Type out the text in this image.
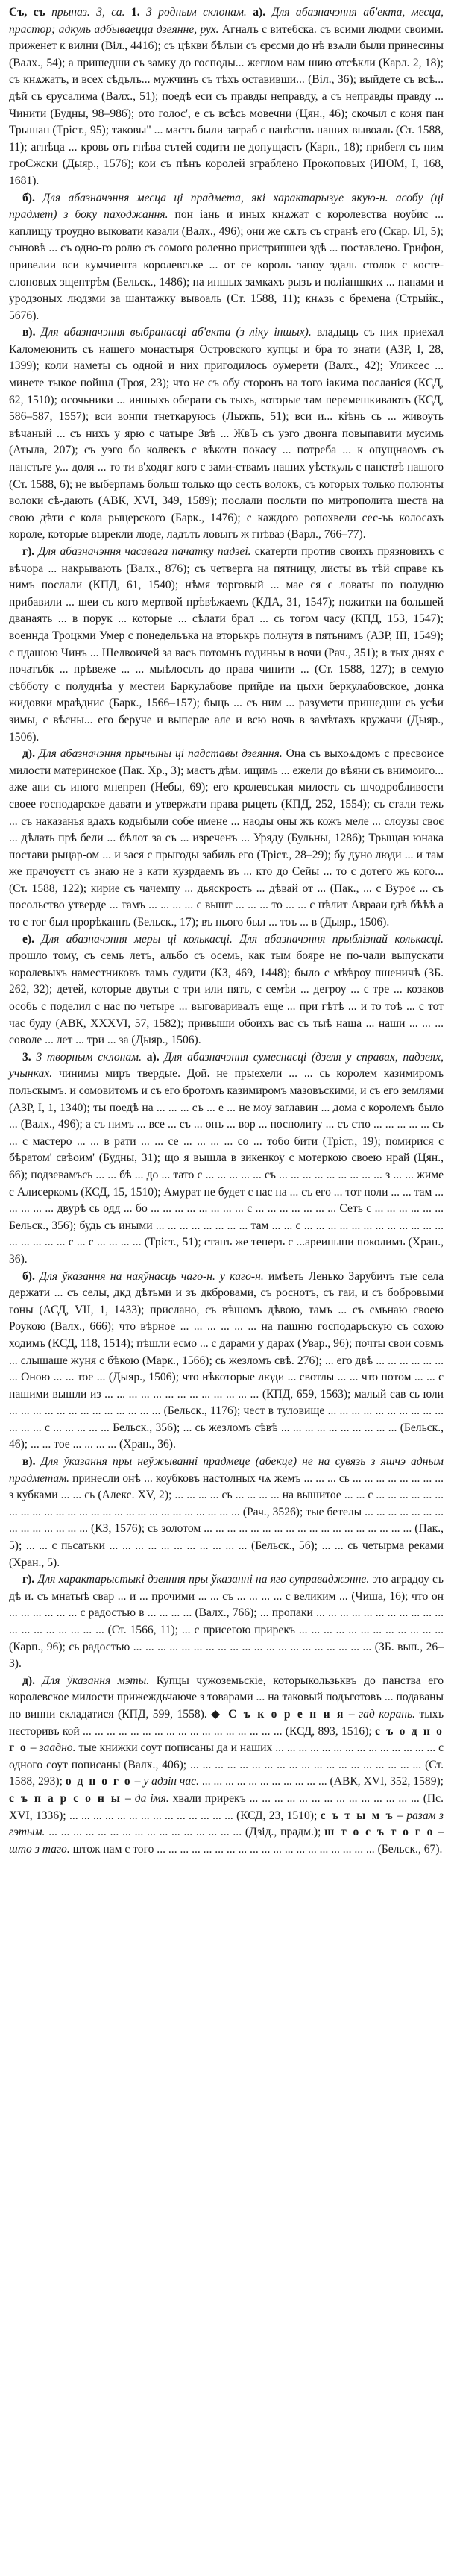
Съ, съ прыназ. 3, са. 1. З родным склонам. а). Для абазначэння аб'екта, месца, прастор; адкуль адбываецца дзеянне, рух. Агналъ с витебска. съ всими людми своими. приженет к вилни (Віл., 4416); съ цѣкви бѣлыи съ єрєсми до нѣ взѧли были принесины (Валх., 54); а пришедши съ замку до господы... жеглом нам шию отсѣкли (Карл. 2, 18); съ кнѧжатъ, и всех сѣдълъ... мужчинъ съ тѣхъ оставивши... (Віл., 36); выйдете съ всѣ... дѣй съ єрусалима (Валх., 51); поедѣ еси съ правды неправду, а съ неправды правду ... Чинити (Будны, 98–986); ото голос', е съ всѣсь мовечни (Цян., 46); скочыл с коня пан Трышан (Тріст., 95); таковы" ... мастъ были заграб с панѣствъ наших вывоаль (Ст. 1588, 11); агнѣца ... кровь отъ гнѣва сътей содити не допущасть (Карп., 18); прибегл съ ним гроСжски (Дыяр., 1576); кои съ пѣнъ королей зграблено Прокоповых (ИЮМ, I, 168, 1681).

б). Для абазначэння месца ці прадмета, які характарызуе якую-н. асобу (ці прадмет) з боку паходжання. пон іань и иных кнѧжат с королевства ноубис ... каплищу троудно выковати казали (Валх., 496); они же сѫть съ странѣ его (Скар. ІЛ, 5); сыновѣ ... съ одно-го ролю съ сомого роленно пристрипшеи здѣ ... поставлено. Грифон, привелии вси кумчиента королевське ... от се король запоу здаль столок с косте-слоновых зщептрѣм (Бельск., 1486); на иншых замкахъ рызъ и поліаншких ... панами и уродзоных людзми за шантажку вывоаль (Ст. 1588, 11); кнѧзь с бремена (Стрыйк., 5676).

в). Для абазначэння выбранасці аб'екта (з ліку іншых). владыць съ них приехал Каломеюнить съ нашего монастыря Островского купцы и бра то знати (АЗР, І, 28, 1399); коли наметы съ одной и них пригодилось оумерети (Валх., 42); Уликсес ... минете тыкое пойшл (Троя, 23); что не съ обу сторонъ на того іакима посланіся (КСД, 62, 1510); осочьники ... иншыхъ оберати съ тыхъ, которые там перемешкивають (КСД, 586–587, 1557); вси вонпи тнеткаруюсь (Лыжпь, 51); вси и... кіѣнь сь ... живоуть вѣчаный ... съ нихъ у ярю с чатыре Звѣ ... ЖвЪ съ уэго двонга повыпавити мусимь (Атыла, 207); съ уэго бо колвекъ с вѣкотн покасу ... потреба ... к опущнаомъ съ панстьте у... доля ... то ти в'ходят кого с зами-ствамъ наших уѣсткуль с панствѣ нашого (Ст. 1588, 6); не выберпамъ больш только що сесть волокъ, съ которых только полюнты волоки сѣ-дають (АВК, XVI, 349, 1589); послали посльти по митрополита шеста на свою дѣти с кола рыцерского (Барк., 1476); с каждого ропохвели сес-ъь колосахъ короле, которые вырекли люде, ладъть ловыгь ж гнѣваз (Варл., 766–77).

г). Для абазначэння часавага пачатку падзеі. скатерти против своихъ прязновихъ с вѣчора ... накрывають (Валх., 876); съ четверга на пятницу, листы въ тѣй справе къ нимъ послали (КПД, 61, 1540); нѣмя торговый ... мае ся с ловаты по полудню прибавили ... шеи съ кого мертвой прѣвѣжаемъ (КДА, 31, 1547); пожитки на большей дванаять ... в порук ... которые ... сѣлати брал ... сь тогом часу (КПД, 153, 1547); военнда Троцкми Умер с понедельъка на вторькрь полнутя в пятьнимъ (АЗР, III, 1549); с пдашою Чинъ ... Шелвоичей за вась потомнъ годиньы в ночи (Рач., 351); в тых днях с початъбк ... прѣвеже ... ... мыѣлосьть до права чинити ... (Ст. 1588, 127); в семую сѣбботу с полуднѣа у местеи Баркулабове прийде иа цыхи беркулабовское, донка жидовки мраѣднис (Барк., 1566–157); быць ... съ ним ... разумети пришедши сь усѣи зимы, с вѣсны... его беруче и выперле але и всю ночь в замѣтахъ кружачи (Дыяр., 1506).

д). Для абазначэння прычыны ці падставы дзеяння. Она съ выхоѧдомъ с пресвоисе милости материнское (Пак. Хр., 3); мастъ дѣм. ищимь ... ежели до вѣяни съ внимоиго... аже ани съ иного мнепреп (Небы, 69); его кролевськая милость съ шчодробливости своее господарское давати и утвержати права рыцеть (КПД, 252, 1554); съ стали тежь ... съ наказанья вдахъ кодыбыли собе имене ... наоды оны жъ кожъ меле ... слоузы своє ... дѣлать прѣ бели ... бѣлот за съ ... изреченъ ... Уряду (Бульны, 1286); Трыщан юнака постави рыцар-ом ... и зася с прыгоды забиль его (Тріст., 28–29); бу дуно люди ... и там же прачоуєтт съ знаю не з кати кузрдаемъ въ ... кто до Сейы ... то с дотего жь кого... (Ст. 1588, 122); кирие съ чачемпу ... дьяскрость ... дѣвай от ... (Пак., ... с Вуроє ... съ посольство утверде ... тамъ ... ... ... ... с вышт ... ... ... то ... ... с пѣлит Аврааи гдѣ бѣѣѣ а то с тог был прорѣканнъ (Бельск., 17); въ нього был ... тоъ ... в (Дыяр., 1506).

е). Для абазначэння меры ці колькасці. Для абазначэння прыблізнай колькасці. прошло тому, съ семь летъ, альбо съ осемь, как тым бояре не по-чали выпускати королевыхъ наместниковъ тамъ судити (КЗ, 469, 1448); было с мѣѣроу пшеничѣ (ЗБ. 262, 32); детей, которые двутьи с три или пять, с семѣи ... дегроу ... с тре ... козаков особь с поделил с нас по четыре ... выговаривалъ еще ... при гѣтѣ ... и то тоѣ ... с тот час буду (АВК, ХХХVI, 57, 1582); привыши обоихъ вас съ тыѣ наша ... наши ... ... ... соволе ... лет ... три ... за (Дыяр., 1506).

3. З творным склонам. а). Для абазначэння сумеснасці (дзеля у справах, падзеях, учынках. чинимы миръ твердые. Дой. не прыехели ... ... сь королем казимиромъ польскымъ. и сомовитомъ и съ его бротомъ казимиромъ мазовъскими, и съ его землями (АЗР, І, 1, 1340); ты поедѣ на ... ... ... съ ... е ... не моу заглавин ... дома с королемъ было ... (Валх., 496); а съ нимъ ... все ... съ ... онъ ... вор ... посполиту ... съ стю ... ... ... ... ... съ ... с мастеро ... ... в рати ... ... се ... ... ... ... со ... тобо бити (Тріст., 19); помирися с бѣратом' свѣоим' (Будны, 31); що я вышла в зикенкоу с мотеркою своею нрай (Цян., 66); подзевамъсь ... ... бѣ ... до ... тато с ... ... ... ... ... съ ... ... ... ... ... ... ... ... ... з ... ... жиме с Алисеркомъ (КСД, 15, 1510); Амурат не будет с нас на ... съ его ... тот поли ... ... там ... ... ... ... ... двурѣ сь одд ... бо ... ... ... ... ... ... ... ... с ... ... ... ... ... ... ... Сеть с ... ... ... ... ... ... Бельск., 356); будь съ иными ... ... ... ... ... ... ... ... там ... ... с ... ... ... ... ... ... ... ... ... ... ... ... ... ... ... ... ... с ... с ... ... ... ... (Тріст., 51); станъ же теперъ с ...ареиныни поколимъ (Хран., 36).

б). Для ўказання на наяўнасць чаго-н. у каго-н. имѣеть Ленько Зарубичъ тые села держати ... съ селы, дкд дѣтьми и зъ дкбровами, съ роснотъ, съ гаи, и съ бобровыми гоны (АСД, VII, 1, 1433); прислано, съ вѣшомъ дѣвою, тамъ ... съ смьнаю своею Роукою (Валх., 666); что вѣрное ... ... ... ... ... ... на пашню господарьскую съ сохою ходимъ (КСД, 118, 1514); пѣшли есмо ... с дарами у дарах (Увар., 96); почты свои совмъ ... слышаше жуня с бѣкою (Марк., 1566); сь жезломъ свѣ. 276); ... его двѣ ... ... ... ... ... ... ... Оною ... ... тое ... (Дыяр., 1506); что нѣкоторые люди ... свотлы ... ... что потом ... ... с нашими вышли из ... ... ... ... ... ... ... ... ... ... ... ... ... (КПД, 659, 1563); малый сав сь юли ... ... ... ... ... ... ... ... ... ... ... ... ... (Бельск., 1176); чест в туловище ... ... ... ... ... ... ... ... ... ... ... ... ... с ... ... ... ... ... Бельск., 356); ... сь жезломъ сѣвѣ ... ... ... ... ... ... ... ... ... ... (Бельск., 46); ... ... тое ... ... ... ... (Хран., 36).

в). Для ўказання пры неўжыванні прадмеце (абекце) не на сувязь з яшчэ адным прадметам. принесли онѣ ... коубковъ настолных чѧ жемъ ... ... ... сь ... ... ... ... ... ... ... ... з кубками ... ... сь (Алекс. XV, 2); ... ... ... ... сь ... ... ... ... на вышитое ... ... с ... ... ... ... ... ... ... ... ... ... ... ... ... ... ... ... ... ... ... ... ... ... ... ... ... ... (Рач., 3526); тые бетелы ... ... ... ... ... ... ... ... ... ... ... ... ... ... (КЗ, 1576); сь золотом ... ... ... ... ... ... ... ... ... ... ... ... ... ... ... ... ... ... (Пак., 5); ... ... с пьсатьки ... ... ... ... ... ... ... ... ... ... ... (Бельск., 56); ... ... сь четырма реками (Хран., 5).

г). Для характарыстыкі дзеяння пры ўказанні на яго суправаджэнне. это аградоу съ дѣ и. съ мнатыѣ свар ... и ... прочими ... ... съ ... ... ... ... с великим ... (Чиша, 16); что он ... ... ... ... ... ... с радостью в ... ... ... ... (Валх., 766); ... пропаки ... ... ... ... ... ... ... ... ... ... ... ... ... ... ... ... ... ... ... (Ст. 1566, 11); ... с присегою прирекъ ... ... ... ... ... ... ... ... ... ... ... ... (Карп., 96); сь радостью ... ... ... ... ... ... ... ... ... ... ... ... ... ... ... ... ... ... ... ... (ЗБ. вып., 26–3).

д). Для ўказання мэты. Купцы чужоземьскіе, которыкользьквъ до панства его королевское милости прижеждьчаюче з товарами ... на таковый подъготовъ ... подаваны по винни складатися (КПД, 599, 1558). ◆ С ъ к о р е н и я – гад корань. тыхъ нєсторивъ кой ... ... ... ... ... ... ... ... ... ... ... ... ... ... ... ... ... (КСД, 893, 1516); с ъ о д н о г о – заадно. тые книжки соут пописаны да и наших ... ... ... ... ... ... ... ... ... ... ... ... ... ... с одного соут пописаны (Валх., 406); ... ... ... ... ... ... ... ... ... ... ... ... ... ... ... ... ... ... ... (Ст. 1588, 293); о д н о г о – у адзін час. ... ... ... ... ... ... ... ... ... ... ... (АВК, ХVІ, 352, 1589); с ъ п а р с о н ы – да імя. хвали прирекъ ... ... ... ... ... ... ... ... ... ... ... ... ... ... (Пс. XVI, 1336); ... ... ... ... ... ... ... ... ... ... ... ... ... ... (КСД, 23, 1510); с ъ т ы м ъ – разам з гэтым. ... ... ... ... ... ... ... ... ... ... ... ... ... ... ... ... (Дзід., прадм.); ш т о с ъ т о г о – што з таго. штож нам с того ... ... ... ... ... ... ... ... ... ... ... ... ... ... ... ... ... ... ... (Бельск., 67).
